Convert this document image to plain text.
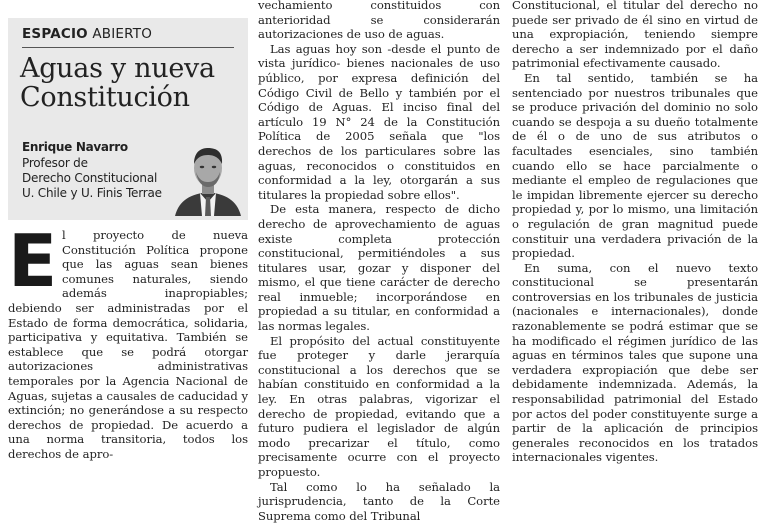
ESPACIO ABIERTO
Aguas y nueva
Constitución
Enrique Navarro
Profesor de
Derecho Constitucional
U. Chile y U. Finis Terrae
E l proyecto de nueva Constitución Política propone que las aguas sean bienes comunes naturales, siendo además inapropiables; debiendo ser administradas por el Estado de forma democrática, solidaria, participativa y equitativa. También se establece que se podrá otorgar autorizaciones administrativas temporales por la Agencia Nacional de Aguas, sujetas a causales de caducidad y extinción; no generándose a su respecto derechos de propiedad. De acuerdo a una norma transitoria, todos los derechos de apro-

vechamiento constituidos con anterioridad se considerarán autorizaciones de uso de aguas.

Las aguas hoy son -desde el punto de vista jurídico- bienes nacionales de uso público, por expresa definición del Código Civil de Bello y también por el Código de Aguas. El inciso final del artículo 19 N° 24 de la Constitución Política de 2005 señala que "los derechos de los particulares sobre las aguas, reconocidos o constituidos en conformidad a la ley, otorgarán a sus titulares la propiedad sobre ellos".

De esta manera, respecto de dicho derecho de aprovechamiento de aguas existe completa protección constitucional, permitiéndoles a sus titulares usar, gozar y disponer del mismo, el que tiene carácter de derecho real inmueble; incorporándose en propiedad a su titular, en conformidad a las normas legales.

El propósito del actual constituyente fue proteger y darle jerarquía constitucional a los derechos que se habían constituido en conformidad a la ley. En otras palabras, vigorizar el derecho de propiedad, evitando que a futuro pudiera el legislador de algún modo precarizar el título, como precisamente ocurre con el proyecto propuesto.

Tal como lo ha señalado la jurisprudencia, tanto de la Corte Suprema como del Tribunal

Constitucional, el titular del derecho no puede ser privado de él sino en virtud de una expropiación, teniendo siempre derecho a ser indemnizado por el daño patrimonial efectivamente causado.

En tal sentido, también se ha sentenciado por nuestros tribunales que se produce privación del dominio no solo cuando se despoja a su dueño totalmente de él o de uno de sus atributos o facultades esenciales, sino también cuando ello se hace parcialmente o mediante el empleo de regulaciones que le impidan libremente ejercer su derecho propiedad y, por lo mismo, una limitación o regulación de gran magnitud puede constituir una verdadera privación de la propiedad.

En suma, con el nuevo texto constitucional se presentarán controversias en los tribunales de justicia (nacionales e internacionales), donde razonablemente se podrá estimar que se ha modificado el régimen jurídico de las aguas en términos tales que supone una verdadera expropiación que debe ser debidamente indemnizada. Además, la responsabilidad patrimonial del Estado por actos del poder constituyente surge a partir de la aplicación de principios generales reconocidos en los tratados internacionales vigentes.
